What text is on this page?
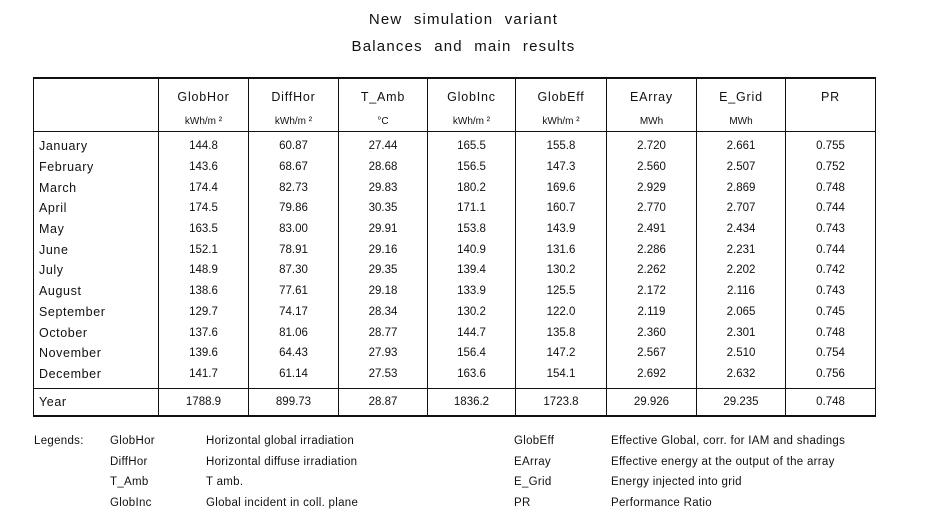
New simulation variant
Balances and main results
	GlobHor	DiffHor	T_Amb	GlobInc	GlobEff	EArray	E_Grid	PR
	kWh/m ²	kWh/m ²	°C	kWh/m ²	kWh/m ²	MWh	MWh	

January	144.8	60.87	27.44	165.5	155.8	2.720	2.661	0.755
February	143.6	68.67	28.68	156.5	147.3	2.560	2.507	0.752
March	174.4	82.73	29.83	180.2	169.6	2.929	2.869	0.748
April	174.5	79.86	30.35	171.1	160.7	2.770	2.707	0.744
May	163.5	83.00	29.91	153.8	143.9	2.491	2.434	0.743
June	152.1	78.91	29.16	140.9	131.6	2.286	2.231	0.744
July	148.9	87.30	29.35	139.4	130.2	2.262	2.202	0.742
August	138.6	77.61	29.18	133.9	125.5	2.172	2.116	0.743
September	129.7	74.17	28.34	130.2	122.0	2.119	2.065	0.745
October	137.6	81.06	28.77	144.7	135.8	2.360	2.301	0.748
November	139.6	64.43	27.93	156.4	147.2	2.567	2.510	0.754
December	141.7	61.14	27.53	163.6	154.1	2.692	2.632	0.756

Year	1788.9	899.73	28.87	1836.2	1723.8	29.926	29.235	0.748
Legends: GlobHor	Horizontal global irradiation
DiffHor	Horizontal diffuse irradiation
T_Amb	T amb.
GlobInc	Global incident in coll. plane
GlobEff	Effective Global, corr. for IAM and shadings
EArray	Effective energy at the output of the array
E_Grid	Energy injected into grid
PR	Performance Ratio
